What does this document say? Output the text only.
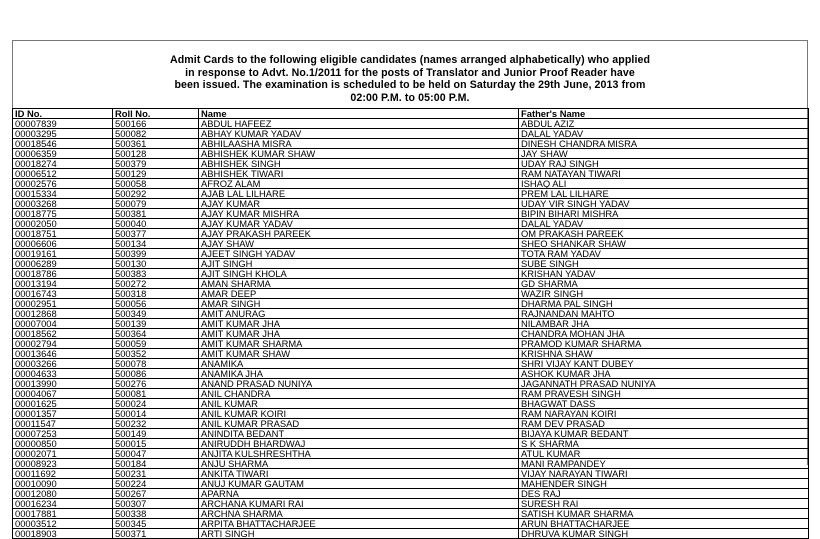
Admit Cards to the following eligible candidates (names arranged alphabetically) who applied
in response to Advt. No.1/2011 for the posts of Translator and Junior Proof Reader have
been issued. The examination is scheduled to be held on Saturday the 29th June, 2013 from
02:00 P.M. to 05:00 P.M.
ID No.	Roll No.	Name	Father's Name
00007839	500166	ABDUL HAFEEZ	ABDUL AZIZ
00003295	500082	ABHAY KUMAR YADAV	DALAL YADAV
00018546	500361	ABHILAASHA MISRA	DINESH CHANDRA MISRA
00006359	500128	ABHISHEK KUMAR SHAW	JAY SHAW
00018274	500379	ABHISHEK SINGH	UDAY RAJ SINGH
00006512	500129	ABHISHEK TIWARI	RAM NATAYAN TIWARI
00002576	500058	AFROZ ALAM	ISHAQ ALI
00015334	500292	AJAB LAL LILHARE	PREM LAL LILHARE
00003268	500079	AJAY KUMAR	UDAY VIR SINGH YADAV
00018775	500381	AJAY KUMAR MISHRA	BIPIN BIHARI MISHRA
00002050	500040	AJAY KUMAR YADAV	DALAL YADAV
00018751	500377	AJAY PRAKASH PAREEK	OM PRAKASH PAREEK
00006606	500134	AJAY SHAW	SHEO SHANKAR SHAW
00019161	500399	AJEET SINGH YADAV	TOTA RAM YADAV
00006289	500130	AJIT SINGH	SUBE SINGH
00018786	500383	AJIT SINGH KHOLA	KRISHAN YADAV
00013194	500272	AMAN SHARMA	GD SHARMA
00016743	500318	AMAR DEEP	WAZIR SINGH
00002951	500056	AMAR SINGH	DHARMA PAL SINGH
00012868	500349	AMIT ANURAG	RAJNANDAN MAHTO
00007004	500139	AMIT KUMAR JHA	NILAMBAR JHA
00018562	500364	AMIT KUMAR JHA	CHANDRA MOHAN JHA
00002794	500059	AMIT KUMAR SHARMA	PRAMOD KUMAR SHARMA
00013646	500352	AMIT KUMAR SHAW	KRISHNA SHAW
00003266	500078	ANAMIKA	SHRI VIJAY KANT DUBEY
00004633	500086	ANAMIKA JHA	ASHOK KUMAR JHA
00013990	500276	ANAND PRASAD NUNIYA	JAGANNATH PRASAD NUNIYA
00004067	500081	ANIL CHANDRA	RAM PRAVESH SINGH
00001625	500024	ANIL KUMAR	BHAGWAT DASS
00001357	500014	ANIL KUMAR KOIRI	RAM NARAYAN KOIRI
00011547	500232	ANIL KUMAR PRASAD	RAM DEV PRASAD
00007253	500149	ANINDITA BEDANT	BIJAYA KUMAR BEDANT
00000850	500015	ANIRUDDH BHARDWAJ	S K SHARMA
00002071	500047	ANJITA KULSHRESHTHA	ATUL KUMAR
00008923	500184	ANJU SHARMA	MANI RAMPANDEY
00011692	500231	ANKITA TIWARI	VIJAY NARAYAN TIWARI
00010090	500224	ANUJ KUMAR GAUTAM	MAHENDER SINGH
00012080	500267	APARNA	DES RAJ
00016234	500307	ARCHANA KUMARI RAI	SURESH RAI
00017881	500338	ARCHNA SHARMA	SATISH KUMAR SHARMA
00003512	500345	ARPITA BHATTACHARJEE	ARUN BHATTACHARJEE
00018903	500371	ARTI SINGH	DHRUVA KUMAR SINGH
